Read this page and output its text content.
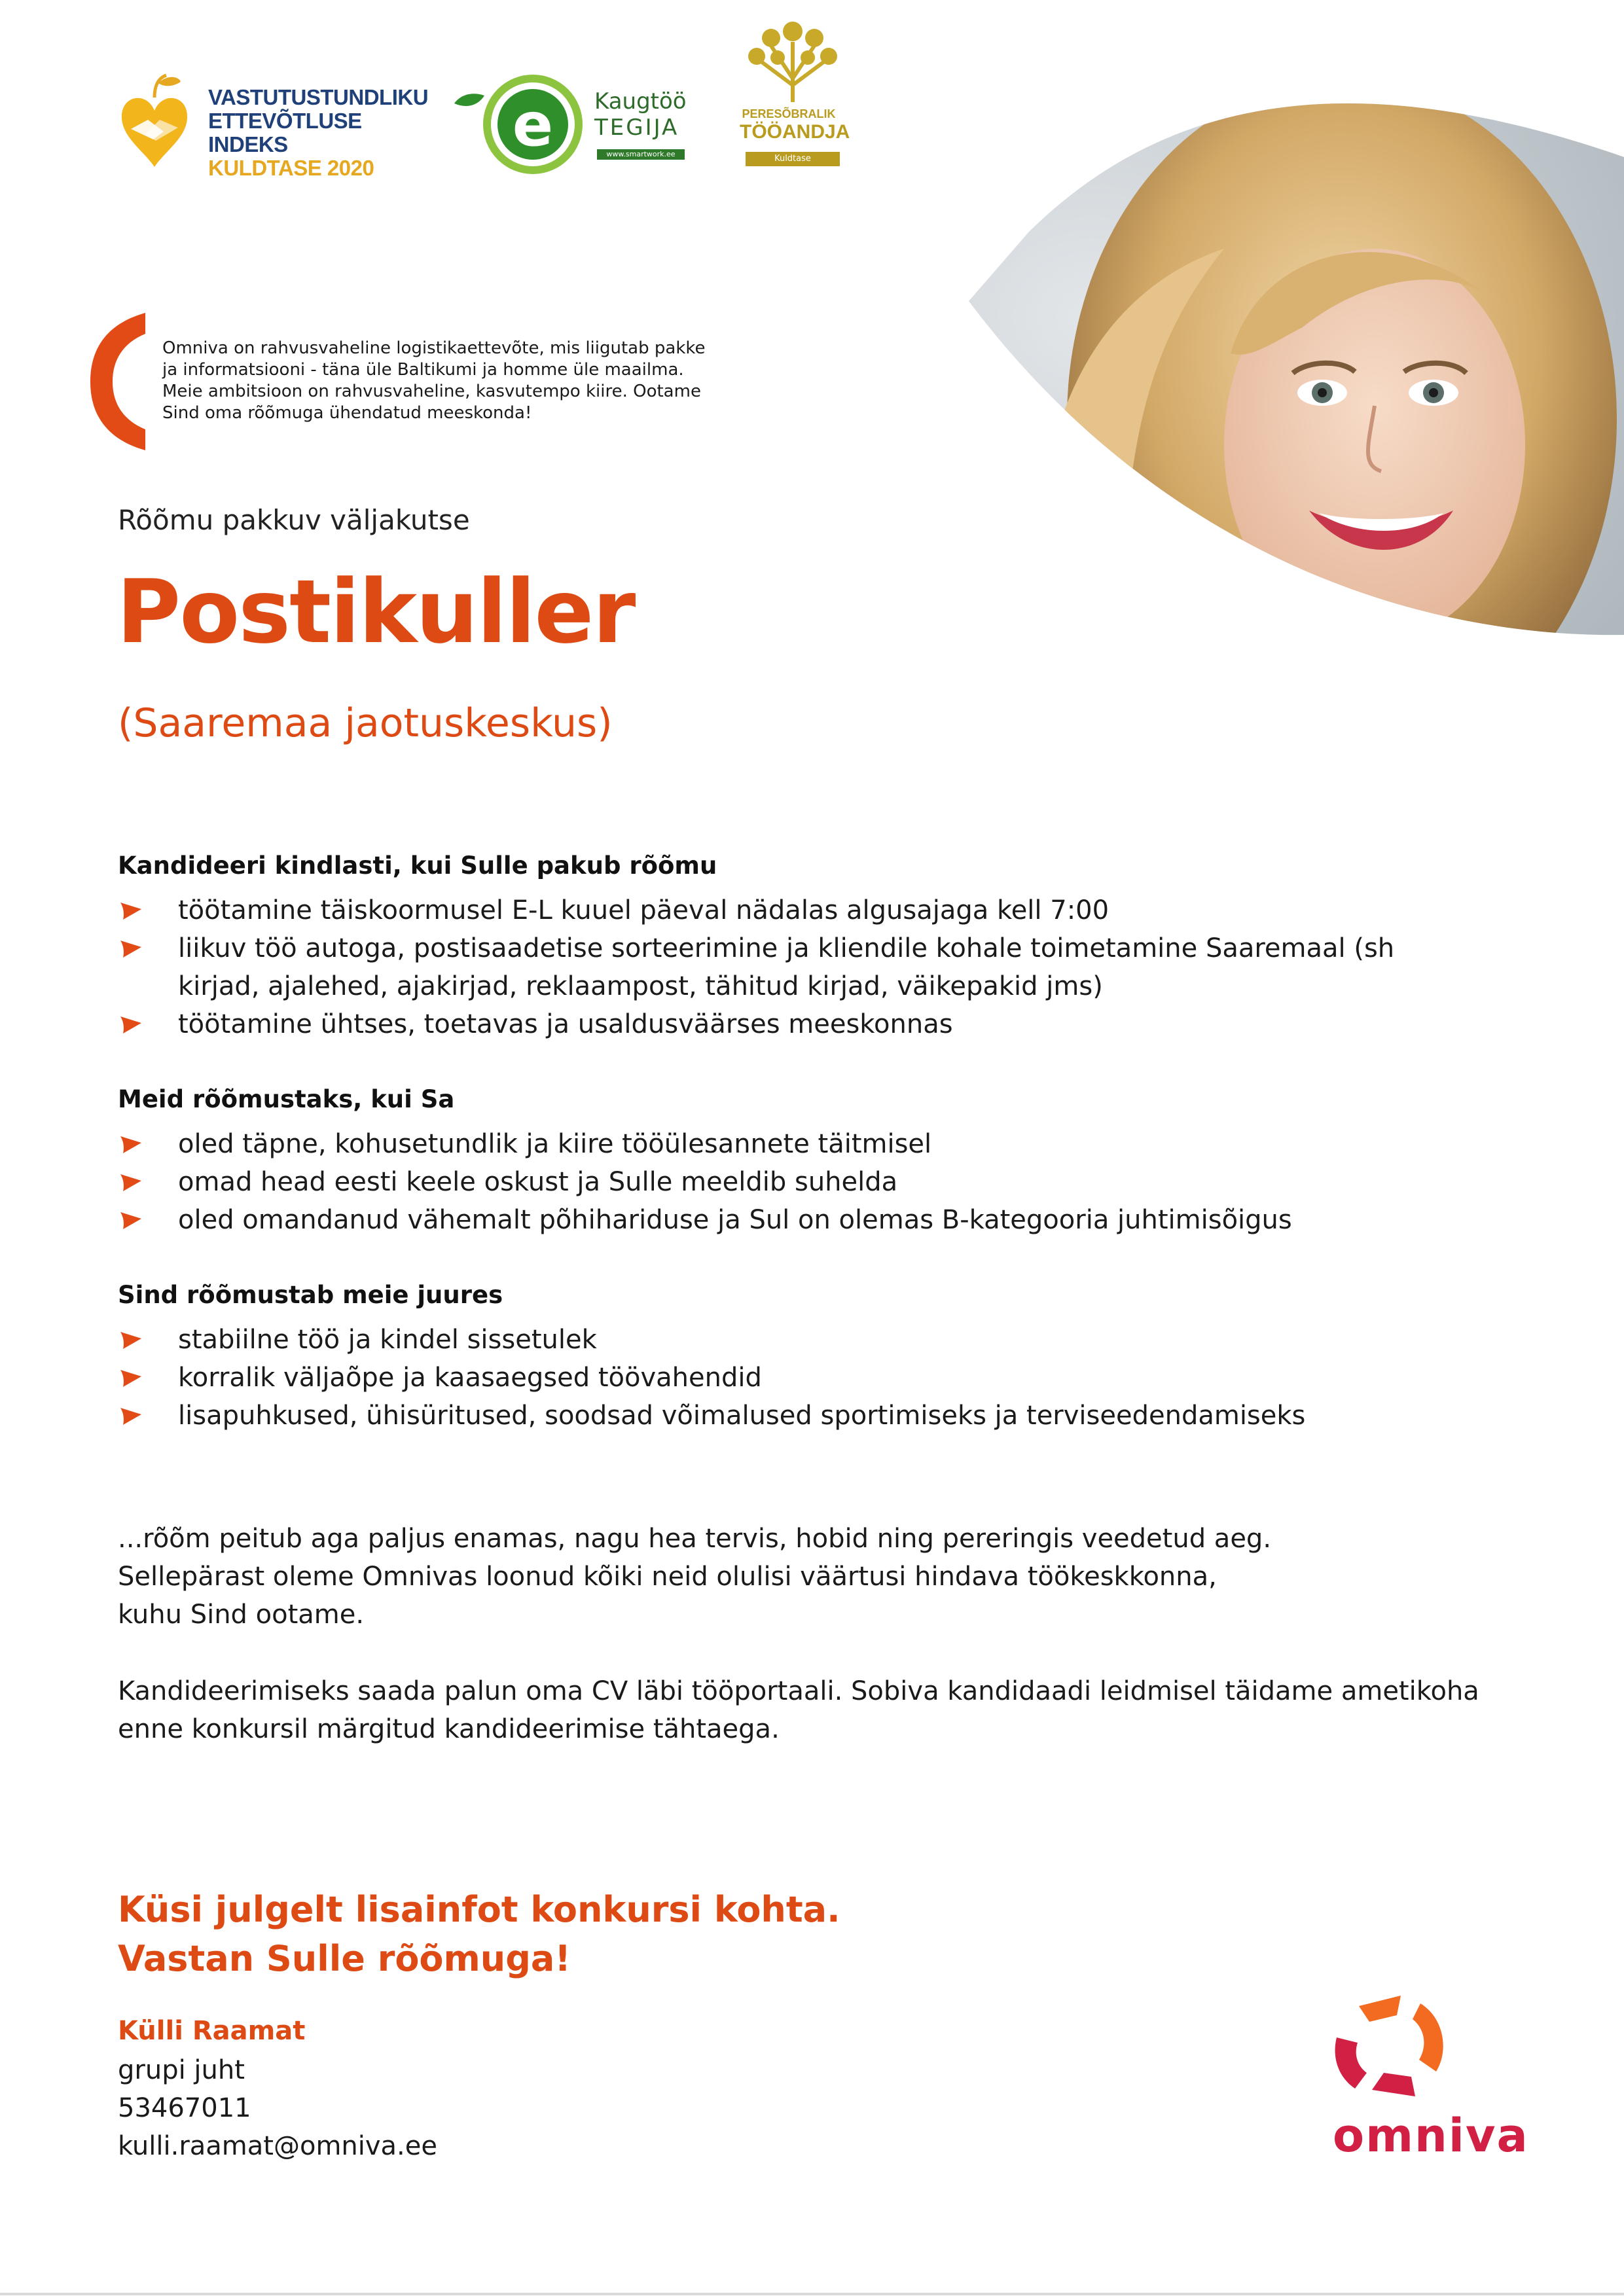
VASTUTUSTUNDLIKU
ETTEVÕTLUSE INDEKS
KULDTASE 2020
e Kaugtöö
TEGIJA
www.smartwork.ee
PERESÕBRALIK
TÖÖANDJA
Kuldtase
Omniva on rahvusvaheline logistikaettevõte, mis liigutab pakke ja informatsiooni - täna üle Baltikumi ja homme üle maailma. Meie ambitsioon on rahvusvaheline, kasvutempo kiire. Ootame Sind oma rõõmuga ühendatud meeskonda!
Rõõmu pakkuv väljakutse
Postikuller
(Saaremaa jaotuskeskus)
Kandideeri kindlasti, kui Sulle pakub rõõmu
töötamine täiskoormusel E-L kuuel päeval nädalas algusajaga kell 7:00
liikuv töö autoga, postisaadetise sorteerimine ja kliendile kohale toimetamine Saaremaal (sh kirjad, ajalehed, ajakirjad, reklaampost, tähitud kirjad, väikepakid jms)
töötamine ühtses, toetavas ja usaldusväärses meeskonnas
Meid rõõmustaks, kui Sa
oled täpne, kohusetundlik ja kiire tööülesannete täitmisel
omad head eesti keele oskust ja Sulle meeldib suhelda
oled omandanud vähemalt põhihariduse ja Sul on olemas B-kategooria juhtimisõigus
Sind rõõmustab meie juures
stabiilne töö ja kindel sissetulek
korralik väljaõpe ja kaasaegsed töövahendid
lisapuhkused, ühisüritused, soodsad võimalused sportimiseks ja terviseedendamiseks
...rõõm peitub aga paljus enamas, nagu hea tervis, hobid ning pereringis veedetud aeg.
Sellepärast oleme Omnivas loonud kõiki neid olulisi väärtusi hindava töökeskkonna,
kuhu Sind ootame.
Kandideerimiseks saada palun oma CV läbi tööportaali. Sobiva kandidaadi leidmisel täidame ametikoha
enne konkursil märgitud kandideerimise tähtaega.
Küsi julgelt lisainfot konkursi kohta.
Vastan Sulle rõõmuga!
Külli Raamat
grupi juht
53467011
kulli.raamat@omniva.ee	omniva
